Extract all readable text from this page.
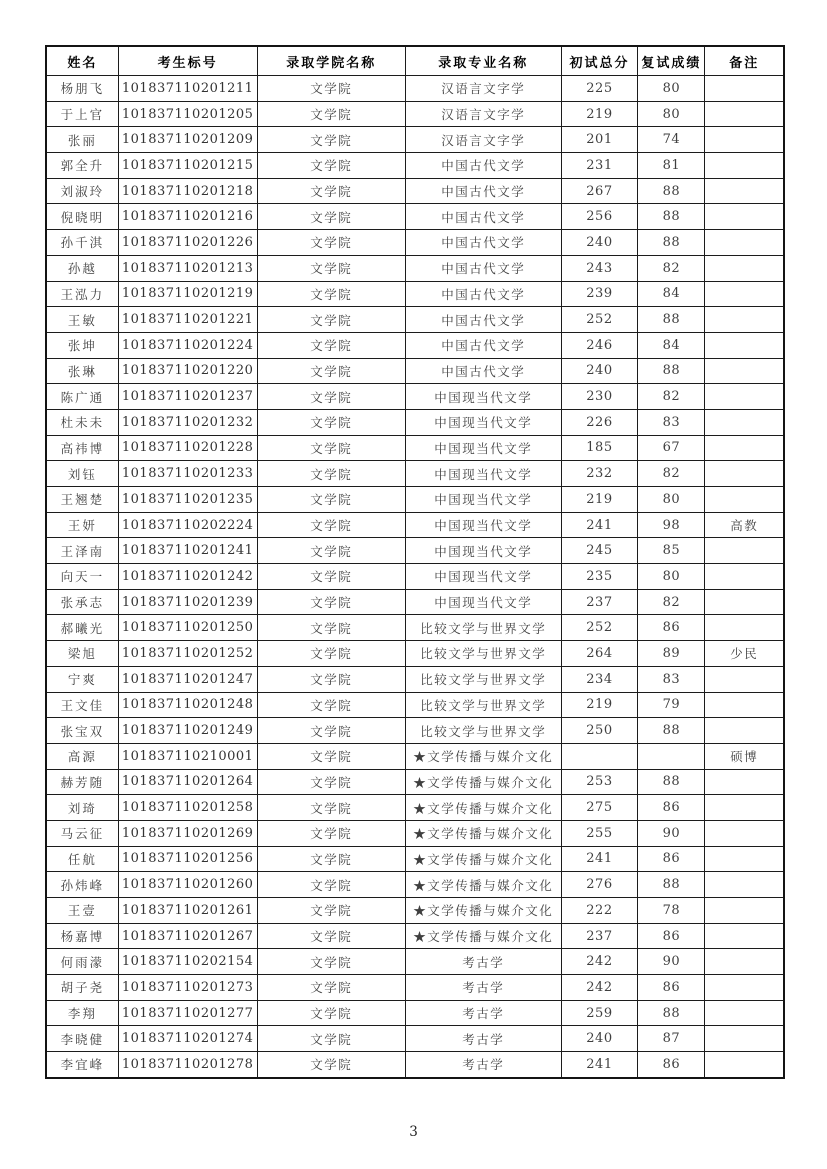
姓名	考生标号	录取学院名称	录取专业名称	初试总分	复试成绩	备注
杨朋飞	101837110201211	文学院	汉语言文字学	225	80	
于上官	101837110201205	文学院	汉语言文字学	219	80	
张丽	101837110201209	文学院	汉语言文字学	201	74	
郭全升	101837110201215	文学院	中国古代文学	231	81	
刘淑玲	101837110201218	文学院	中国古代文学	267	88	
倪晓明	101837110201216	文学院	中国古代文学	256	88	
孙千淇	101837110201226	文学院	中国古代文学	240	88	
孙越	101837110201213	文学院	中国古代文学	243	82	
王泓力	101837110201219	文学院	中国古代文学	239	84	
王敏	101837110201221	文学院	中国古代文学	252	88	
张坤	101837110201224	文学院	中国古代文学	246	84	
张琳	101837110201220	文学院	中国古代文学	240	88	
陈广通	101837110201237	文学院	中国现当代文学	230	82	
杜未未	101837110201232	文学院	中国现当代文学	226	83	
高祎博	101837110201228	文学院	中国现当代文学	185	67	
刘钰	101837110201233	文学院	中国现当代文学	232	82	
王翘楚	101837110201235	文学院	中国现当代文学	219	80	
王妍	101837110202224	文学院	中国现当代文学	241	98	高教
王泽南	101837110201241	文学院	中国现当代文学	245	85	
向天一	101837110201242	文学院	中国现当代文学	235	80	
张承志	101837110201239	文学院	中国现当代文学	237	82	
郝曦光	101837110201250	文学院	比较文学与世界文学	252	86	
梁旭	101837110201252	文学院	比较文学与世界文学	264	89	少民
宁爽	101837110201247	文学院	比较文学与世界文学	234	83	
王文佳	101837110201248	文学院	比较文学与世界文学	219	79	
张宝双	101837110201249	文学院	比较文学与世界文学	250	88	
高源	101837110210001	文学院	★文学传播与媒介文化			硕博
赫芳随	101837110201264	文学院	★文学传播与媒介文化	253	88	
刘琦	101837110201258	文学院	★文学传播与媒介文化	275	86	
马云征	101837110201269	文学院	★文学传播与媒介文化	255	90	
任航	101837110201256	文学院	★文学传播与媒介文化	241	86	
孙炜峰	101837110201260	文学院	★文学传播与媒介文化	276	88	
王壹	101837110201261	文学院	★文学传播与媒介文化	222	78	
杨嘉博	101837110201267	文学院	★文学传播与媒介文化	237	86	
何雨濛	101837110202154	文学院	考古学	242	90	
胡子尧	101837110201273	文学院	考古学	242	86	
李翔	101837110201277	文学院	考古学	259	88	
李晓健	101837110201274	文学院	考古学	240	87	
李宜峰	101837110201278	文学院	考古学	241	86	
3
